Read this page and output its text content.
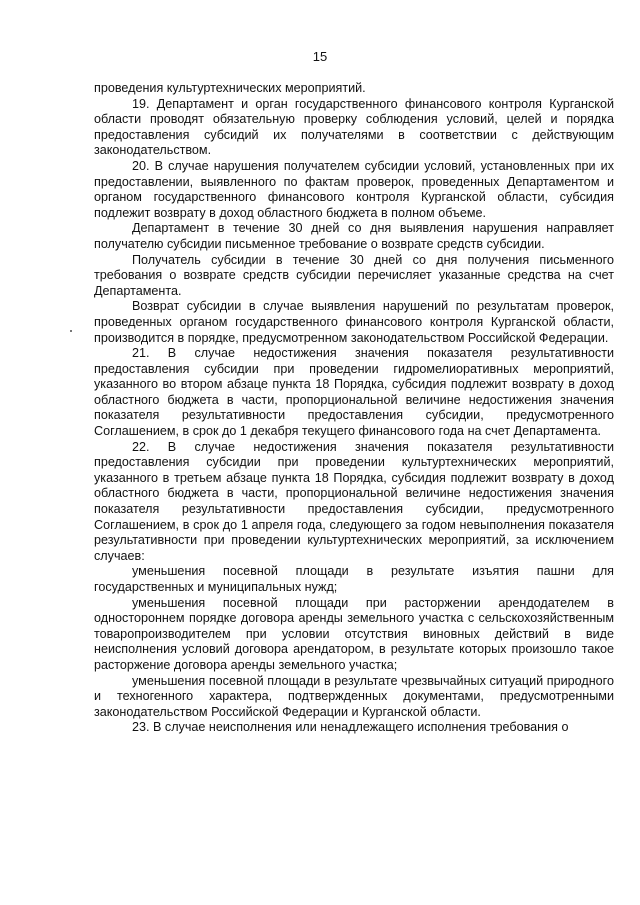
15

проведения культуртехнических мероприятий.

19. Департамент и орган государственного финансового контроля Курганской области проводят обязательную проверку соблюдения условий, целей и порядка предоставления субсидий их получателями в соответствии с действующим законодательством.

20. В случае нарушения получателем субсидии условий, установленных при их предоставлении, выявленного по фактам проверок, проведенных Департаментом и органом государственного финансового контроля Курганской области, субсидия подлежит возврату в доход областного бюджета в полном объеме.

Департамент в течение 30 дней со дня выявления нарушения направляет получателю субсидии письменное требование о возврате средств субсидии.

Получатель субсидии в течение 30 дней со дня получения письменного требования о возврате средств субсидии перечисляет указанные средства на счет Департамента.

Возврат субсидии в случае выявления нарушений по результатам проверок, проведенных органом государственного финансового контроля Курганской области, производится в порядке, предусмотренном законодательством Российской Федерации.

21. В случае недостижения значения показателя результативности предоставления субсидии при проведении гидромелиоративных мероприятий, указанного во втором абзаце пункта 18 Порядка, субсидия подлежит возврату в доход областного бюджета в части, пропорциональной величине недостижения значения показателя результативности предоставления субсидии, предусмотренного Соглашением, в срок до 1 декабря текущего финансового года на счет Департамента.

22. В случае недостижения значения показателя результативности предоставления субсидии при проведении культуртехнических мероприятий, указанного в третьем абзаце пункта 18 Порядка, субсидия подлежит возврату в доход областного бюджета в части, пропорциональной величине недостижения значения показателя результативности предоставления субсидии, предусмотренного Соглашением, в срок до 1 апреля года, следующего за годом невыполнения показателя результативности при проведении культуртехнических мероприятий, за исключением случаев:

уменьшения посевной площади в результате изъятия пашни для государственных и муниципальных нужд;

уменьшения посевной площади при расторжении арендодателем в одностороннем порядке договора аренды земельного участка с сельскохозяйственным товаропроизводителем при условии отсутствия виновных действий в виде неисполнения условий договора арендатором, в результате которых произошло такое расторжение договора аренды земельного участка;

уменьшения посевной площади в результате чрезвычайных ситуаций природного и техногенного характера, подтвержденных документами, предусмотренными законодательством Российской Федерации и Курганской области.

23. В случае неисполнения или ненадлежащего исполнения требования о
